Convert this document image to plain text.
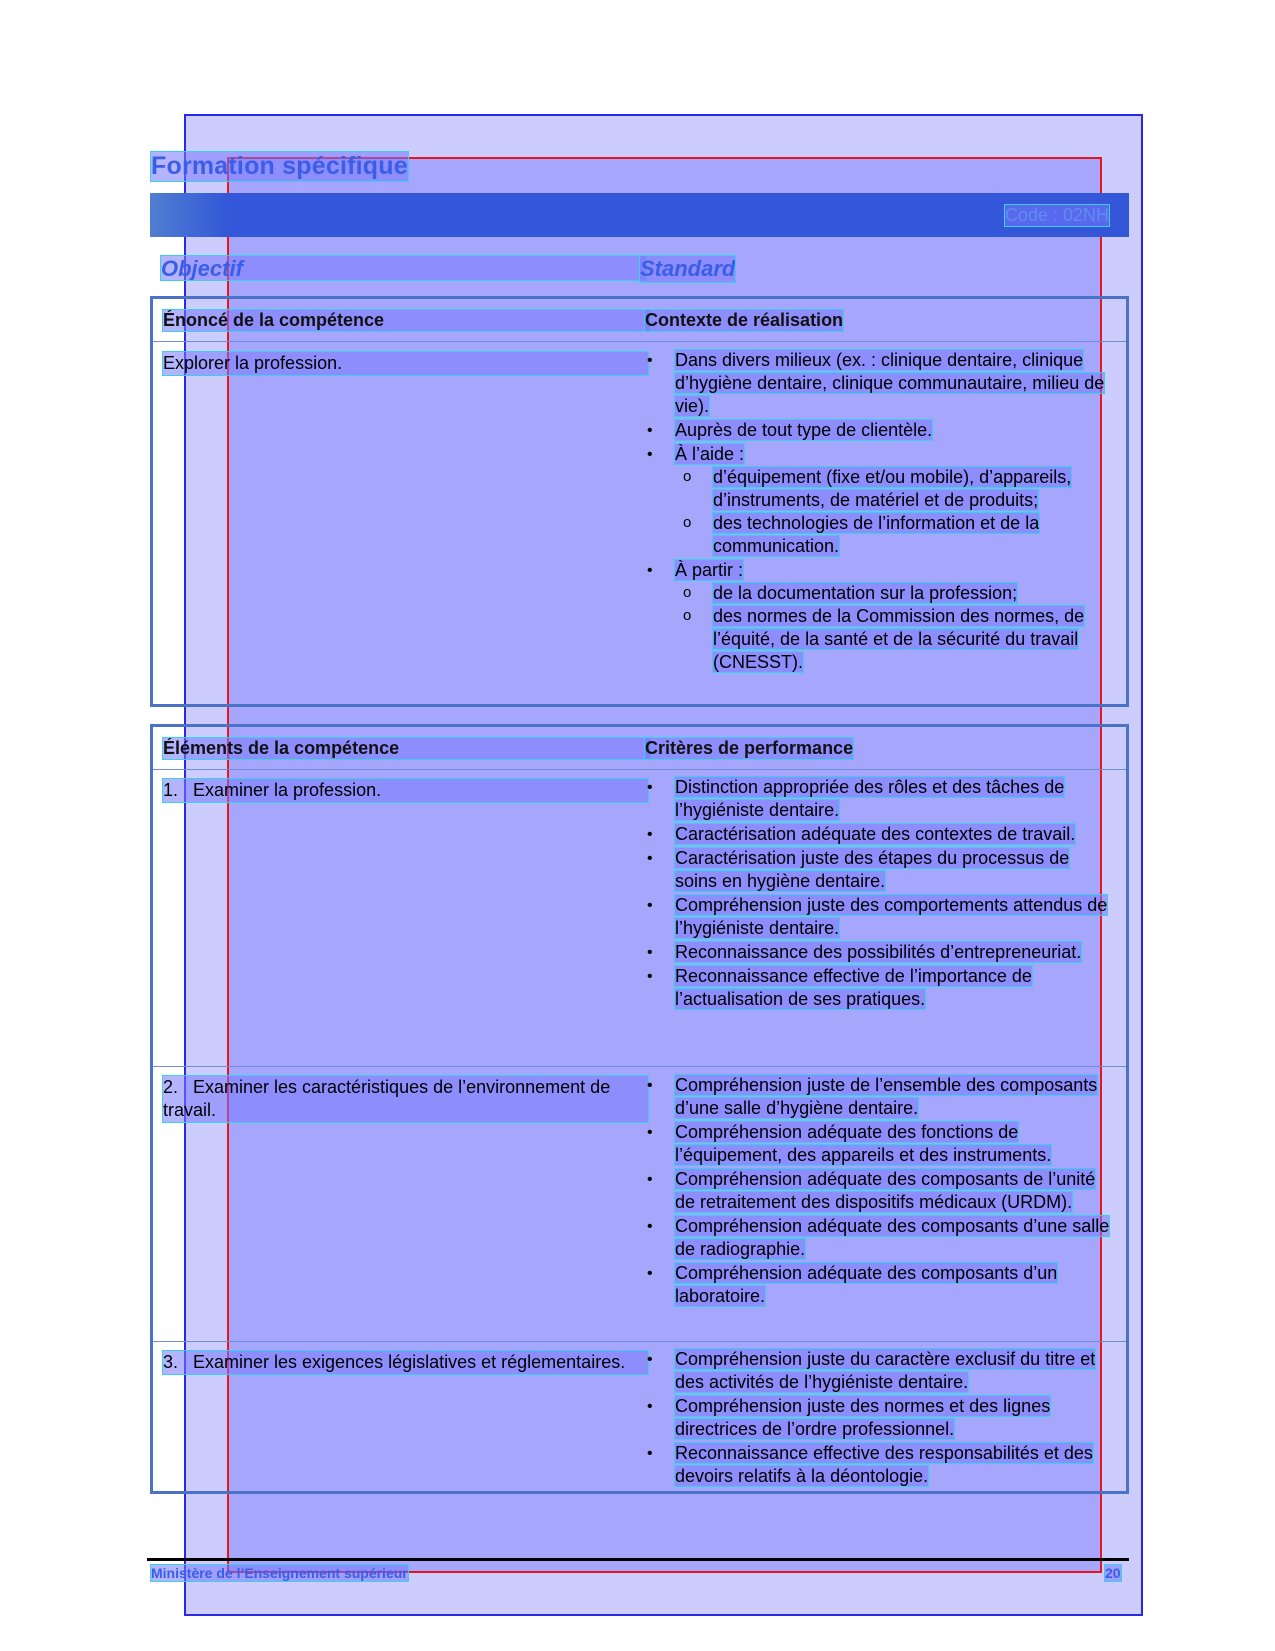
Formation spécifique
Code : 02NH
Objectif	Standard
Énoncé de la compétence	Contexte de réalisation
Explorer la profession.	• Dans divers milieux (ex. : clinique dentaire, clinique d’hygiène dentaire, clinique communautaire, milieu de vie).
• Auprès de tout type de clientèle.
• À l’aide :
o d’équipement (fixe et/ou mobile), d’appareils, d’instruments, de matériel et de produits;
o des technologies de l’information et de la communication.
• À partir :
o de la documentation sur la profession;
o des normes de la Commission des normes, de l’équité, de la santé et de la sécurité du travail (CNESST).
Éléments de la compétence	Critères de performance
1. Examiner la profession.	• Distinction appropriée des rôles et des tâches de l’hygiéniste dentaire.
• Caractérisation adéquate des contextes de travail.
• Caractérisation juste des étapes du processus de soins en hygiène dentaire.
• Compréhension juste des comportements attendus de l’hygiéniste dentaire.
• Reconnaissance des possibilités d’entrepreneuriat.
• Reconnaissance effective de l’importance de l’actualisation de ses pratiques.
2. Examiner les caractéristiques de l’environnement de travail.
• Compréhension juste de l’ensemble des composants d’une salle d’hygiène dentaire.
• Compréhension adéquate des fonctions de l’équipement, des appareils et des instruments.
• Compréhension adéquate des composants de l’unité de retraitement des dispositifs médicaux (URDM).
• Compréhension adéquate des composants d’une salle de radiographie.
• Compréhension adéquate des composants d’un laboratoire.
3. Examiner les exigences législatives et réglementaires.	• Compréhension juste du caractère exclusif du titre et des activités de l’hygiéniste dentaire.
• Compréhension juste des normes et des lignes directrices de l’ordre professionnel.
• Reconnaissance effective des responsabilités et des devoirs relatifs à la déontologie.
Ministère de l’Enseignement supérieur	20
